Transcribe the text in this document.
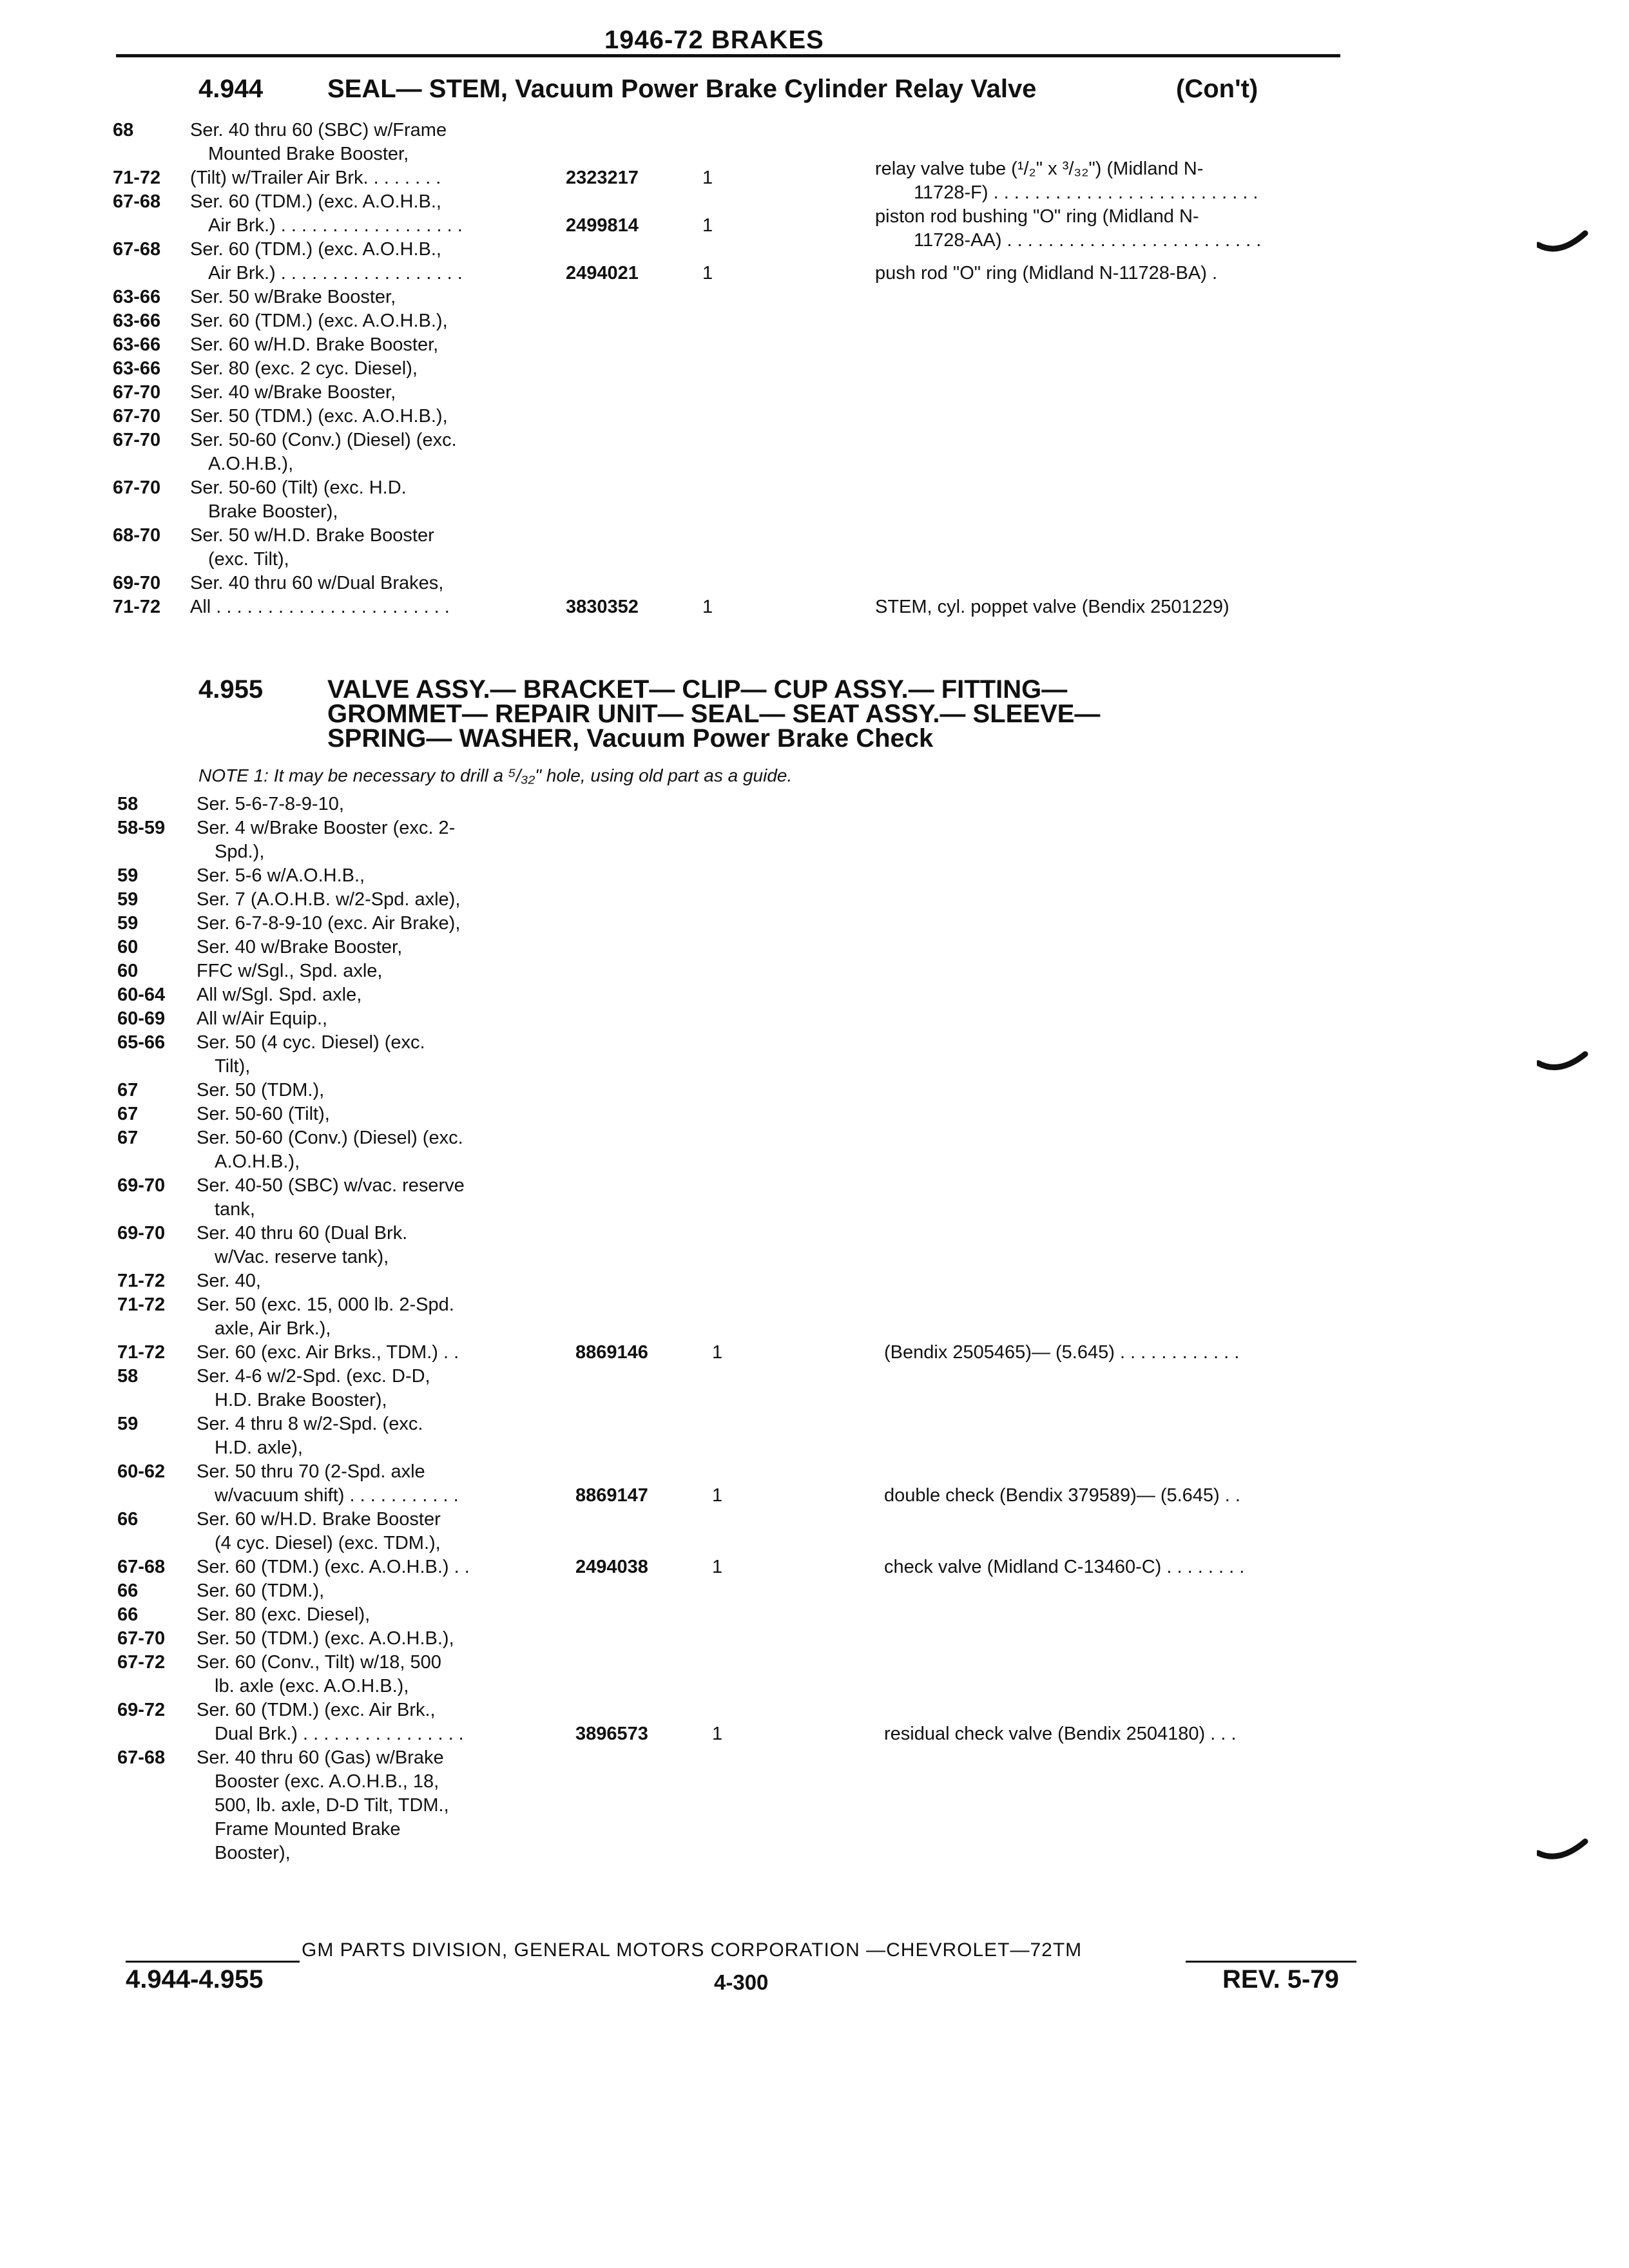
1946-72 BRAKES
4.944 SEAL— STEM, Vacuum Power Brake Cylinder Relay Valve	(Con't)
4.955 VALVE ASSY.— BRACKET— CLIP— CUP ASSY.— FITTING—
GROMMET— REPAIR UNIT— SEAL— SEAT ASSY.— SLEEVE—
SPRING— WASHER, Vacuum Power Brake Check
NOTE 1: It may be necessary to drill a ⁵/₃₂" hole, using old part as a guide.
68	Ser. 40 thru 60 (SBC) w/Frame
Mounted Brake Booster,
71-72 (Tilt) w/Trailer Air Brk. . . . . . . .	2323217	1	relay valve tube (¹/₂" x ³/₃₂") (Midland N-
11728-F) . . . . . . . . . . . . . . . . . . . . . . . . . .
67-68 Ser. 60 (TDM.) (exc. A.O.H.B.,
Air Brk.) . . . . . . . . . . . . . . . . . .	2499814	1	piston rod bushing "O" ring (Midland N-
11728-AA) . . . . . . . . . . . . . . . . . . . . . . . . .
67-68 Ser. 60 (TDM.) (exc. A.O.H.B.,
Air Brk.) . . . . . . . . . . . . . . . . . .	2494021	1	push rod "O" ring (Midland N-11728-BA) .
63-66 Ser. 50 w/Brake Booster,
63-66 Ser. 60 (TDM.) (exc. A.O.H.B.),
63-66 Ser. 60 w/H.D. Brake Booster,
63-66 Ser. 80 (exc. 2 cyc. Diesel),
67-70 Ser. 40 w/Brake Booster,
67-70 Ser. 50 (TDM.) (exc. A.O.H.B.),
67-70 Ser. 50-60 (Conv.) (Diesel) (exc.
A.O.H.B.),
67-70 Ser. 50-60 (Tilt) (exc. H.D.
Brake Booster),
68-70 Ser. 50 w/H.D. Brake Booster
(exc. Tilt),
69-70 Ser. 40 thru 60 w/Dual Brakes,
71-72 All . . . . . . . . . . . . . . . . . . . . . . .	3830352	1	STEM, cyl. poppet valve (Bendix 2501229)
58	Ser. 5-6-7-8-9-10,
58-59 Ser. 4 w/Brake Booster (exc. 2-
Spd.),
59	Ser. 5-6 w/A.O.H.B.,
59	Ser. 7 (A.O.H.B. w/2-Spd. axle),
59	Ser. 6-7-8-9-10 (exc. Air Brake),
60	Ser. 40 w/Brake Booster,
60	FFC w/Sgl., Spd. axle,
60-64 All w/Sgl. Spd. axle,
60-69 All w/Air Equip.,
65-66 Ser. 50 (4 cyc. Diesel) (exc.
Tilt),
67	Ser. 50 (TDM.),
67	Ser. 50-60 (Tilt),
67	Ser. 50-60 (Conv.) (Diesel) (exc.
A.O.H.B.),
69-70 Ser. 40-50 (SBC) w/vac. reserve
tank,
69-70 Ser. 40 thru 60 (Dual Brk.
w/Vac. reserve tank),
71-72 Ser. 40,
71-72 Ser. 50 (exc. 15, 000 lb. 2-Spd.
axle, Air Brk.),
71-72 Ser. 60 (exc. Air Brks., TDM.) . .	8869146	1	(Bendix 2505465)— (5.645) . . . . . . . . . . . .
58	Ser. 4-6 w/2-Spd. (exc. D-D,
H.D. Brake Booster),
59	Ser. 4 thru 8 w/2-Spd. (exc.
H.D. axle),
60-62 Ser. 50 thru 70 (2-Spd. axle
w/vacuum shift) . . . . . . . . . . .	8869147	1	double check (Bendix 379589)— (5.645) . .
66	Ser. 60 w/H.D. Brake Booster
(4 cyc. Diesel) (exc. TDM.),
67-68 Ser. 60 (TDM.) (exc. A.O.H.B.) . .	2494038	1	check valve (Midland C-13460-C) . . . . . . . .
66	Ser. 60 (TDM.),
66	Ser. 80 (exc. Diesel),
67-70 Ser. 50 (TDM.) (exc. A.O.H.B.),
67-72 Ser. 60 (Conv., Tilt) w/18, 500
lb. axle (exc. A.O.H.B.),
69-72 Ser. 60 (TDM.) (exc. Air Brk.,
Dual Brk.) . . . . . . . . . . . . . . . .	3896573	1	residual check valve (Bendix 2504180) . . .
67-68 Ser. 40 thru 60 (Gas) w/Brake
Booster (exc. A.O.H.B., 18,
500, lb. axle, D-D Tilt, TDM.,
Frame Mounted Brake
Booster),
GM PARTS DIVISION, GENERAL MOTORS CORPORATION —CHEVROLET—72TM
4.944-4.955	4-300	REV. 5-79
